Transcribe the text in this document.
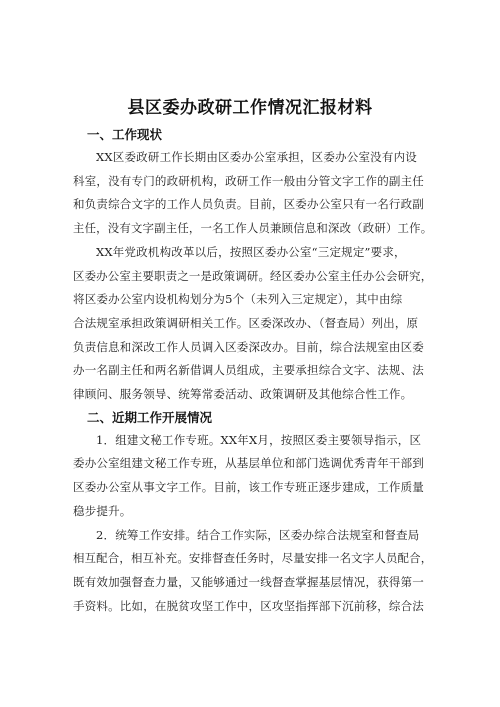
县区委办政研工作情况汇报材料
一、工作现状

XX区委政研工作长期由区委办公室承担，区委办公室没有内设
科室，没有专门的政研机构，政研工作一般由分管文字工作的副主任
和负责综合文字的工作人员负责。目前，区委办公室只有一名行政副
主任，没有文字副主任，一名工作人员兼顾信息和深改（政研）工作。

XX年党政机构改革以后，按照区委办公室“三定规定”要求，
区委办公室主要职责之一是政策调研。经区委办公室主任办公会研究，
将区委办公室内设机构划分为5个（未列入三定规定），其中由综
合法规室承担政策调研相关工作。区委深改办、（督查局）列出，原
负责信息和深改工作人员调入区委深改办。目前，综合法规室由区委
办一名副主任和两名新借调人员组成，主要承担综合文字、法规、法
律顾问、服务领导、统筹常委活动、政策调研及其他综合性工作。

二、近期工作开展情况

1．组建文秘工作专班。XX年X月，按照区委主要领导指示，区
委办公室组建文秘工作专班，从基层单位和部门选调优秀青年干部到
区委办公室从事文字工作。目前，该工作专班正逐步建成，工作质量
稳步提升。

2．统筹工作安排。结合工作实际，区委办综合法规室和督查局
相互配合，相互补充。安排督查任务时，尽量安排一名文字人员配合，
既有效加强督查力量，又能够通过一线督查掌握基层情况，获得第一
手资料。比如，在脱贫攻坚工作中，区攻坚指挥部下沉前移，综合法
